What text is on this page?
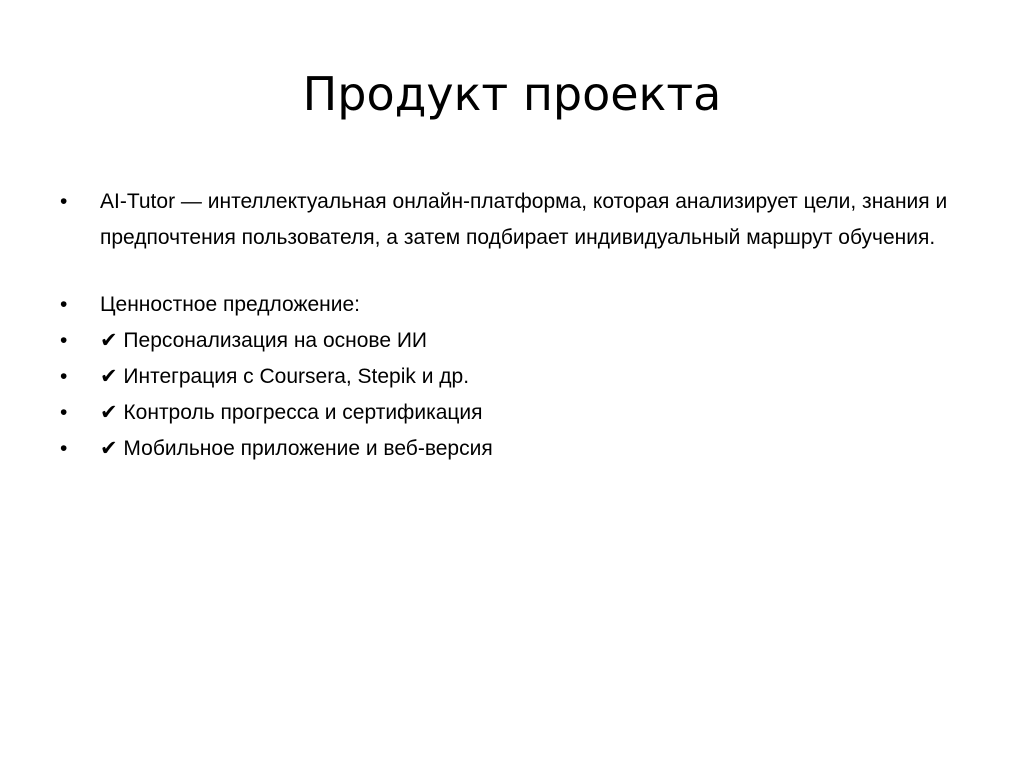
Продукт проекта
•	AI-Tutor — интеллектуальная онлайн-платформа, которая анализирует цели, знания и предпочтения пользователя, а затем подбирает индивидуальный маршрут обучения.
•	Ценностное предложение:
•	✔ Персонализация на основе ИИ
•	✔ Интеграция с Coursera, Stepik и др.
•	✔ Контроль прогресса и сертификация
•	✔ Мобильное приложение и веб-версия
